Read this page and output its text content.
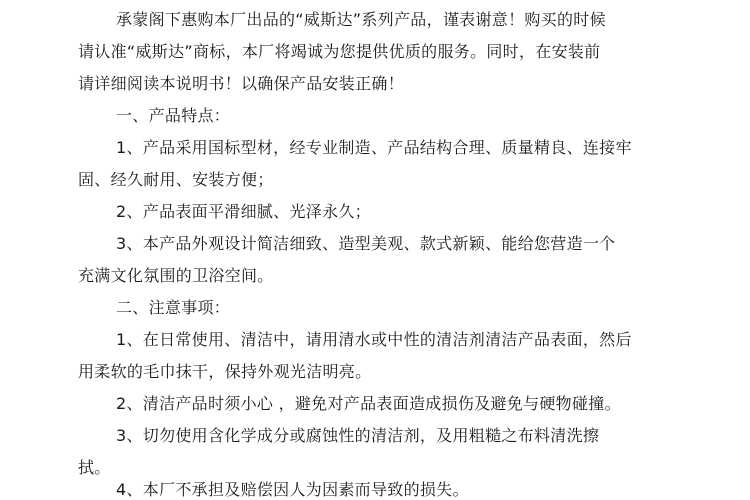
承蒙阁下惠购本厂出品的“威斯达”系列产品，谨表谢意！购买的时候
请认准“威斯达”商标，本厂将竭诚为您提供优质的服务。同时，在安装前
请详细阅读本说明书！以确保产品安装正确！
一、产品特点：
1、产品采用国标型材，经专业制造、产品结构合理、质量精良、连接牢
固、经久耐用、安装方便；
2、产品表面平滑细腻、光泽永久；
3、本产品外观设计简洁细致、造型美观、款式新颖、能给您营造一个
充满文化氛围的卫浴空间。
二、注意事项：
1、在日常使用、清洁中，请用清水或中性的清洁剂清洁产品表面，然后
用柔软的毛巾抹干，保持外观光洁明亮。
2、清洁产品时须小心 ，避免对产品表面造成损伤及避免与硬物碰撞。
3、切勿使用含化学成分或腐蚀性的清洁剂，及用粗糙之布料清洗擦
拭。
4、本厂不承担及赔偿因人为因素而导致的损失。
